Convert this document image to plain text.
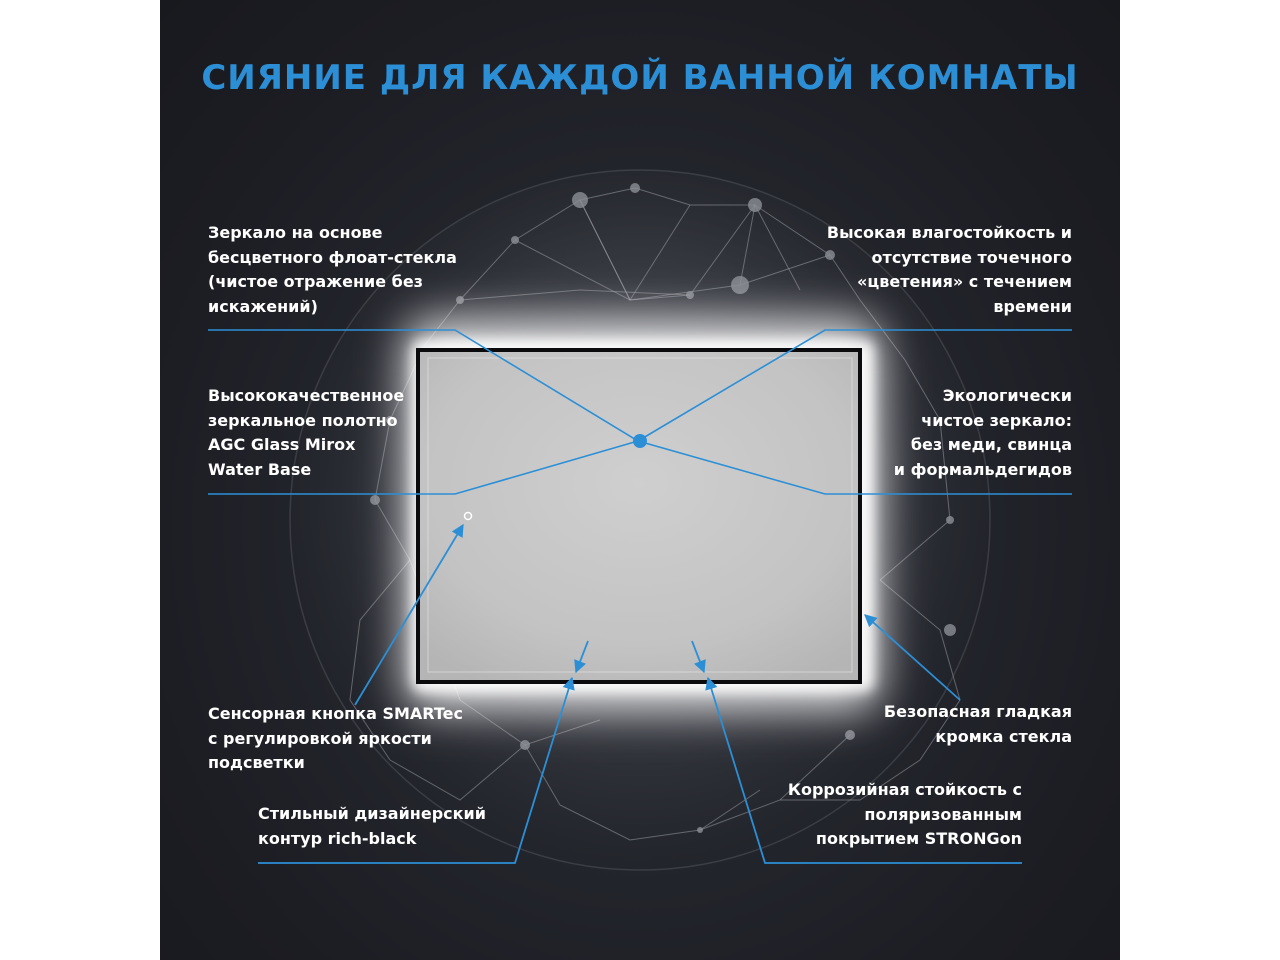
СИЯНИЕ ДЛЯ КАЖДОЙ ВАННОЙ КОМНАТЫ
Зеркало на основе
бесцветного флоат-стекла
(чистое отражение без
искажений)
Высокая влагостойкость и
отсутствие точечного
«цветения» с течением
времени
Высококачественное
зеркальное полотно
AGC Glass Mirox
Water Base
Экологически
чистое зеркало:
без меди, свинца
и формальдегидов
Сенсорная кнопка SMARTec
с регулировкой яркости
подсветки
Безопасная гладкая
кромка стекла
Стильный дизайнерский
контур rich-black
Коррозийная стойкость с
поляризованным
покрытием STRONGon
